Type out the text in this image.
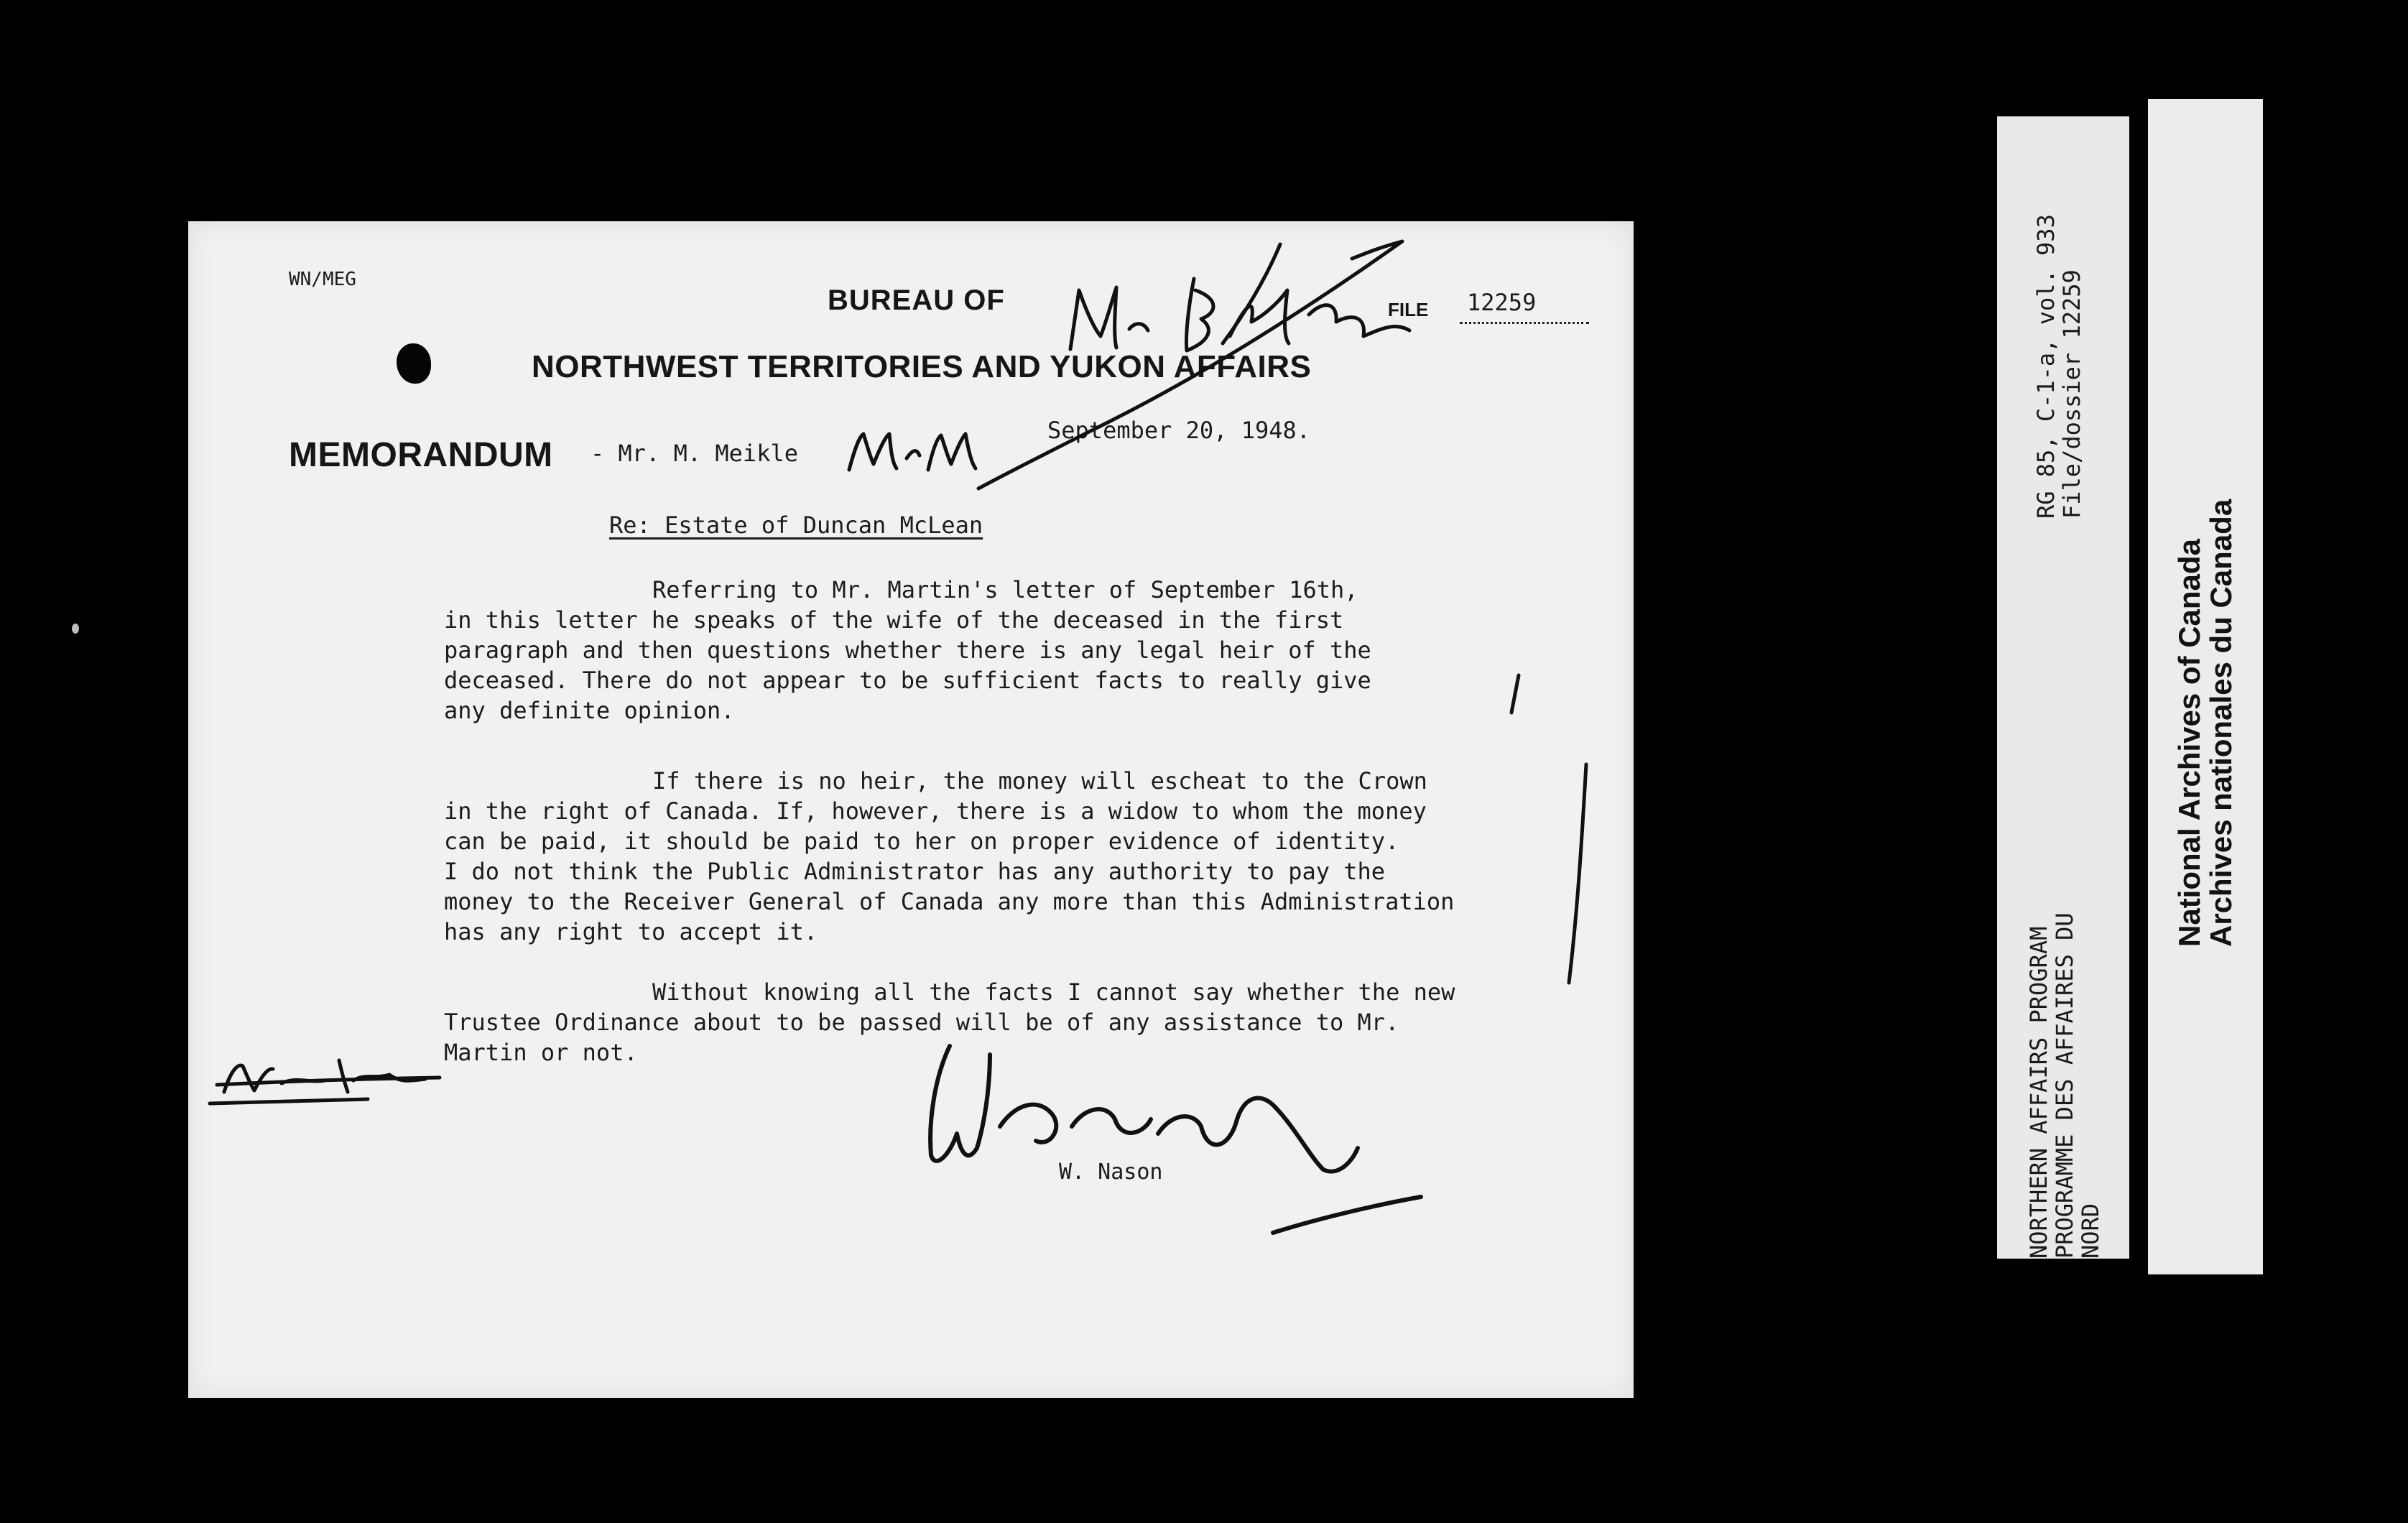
WN/MEG
BUREAU OF	FILE 12259
NORTHWEST TERRITORIES AND YUKON AFFAIRS
MEMORANDUM - Mr. M. Meikle
September 20, 1948.
Re: Estate of Duncan McLean
Referring to Mr. Martin's letter of September 16th,
in this letter he speaks of the wife of the deceased in the first
paragraph and then questions whether there is any legal heir of the
deceased. There do not appear to be sufficient facts to really give
any definite opinion.
If there is no heir, the money will escheat to the Crown
in the right of Canada. If, however, there is a widow to whom the money
can be paid, it should be paid to her on proper evidence of identity.
I do not think the Public Administrator has any authority to pay the
money to the Receiver General of Canada any more than this Administration
has any right to accept it.
Without knowing all the facts I cannot say whether the new
Trustee Ordinance about to be passed will be of any assistance to Mr.
Martin or not.
W. Nason
RG 85, C-1-a, vol. 933
File/dossier 12259
NORTHERN AFFAIRS PROGRAM
PROGRAMME DES AFFAIRES DU
NORD
National Archives of Canada
Archives nationales du Canada
